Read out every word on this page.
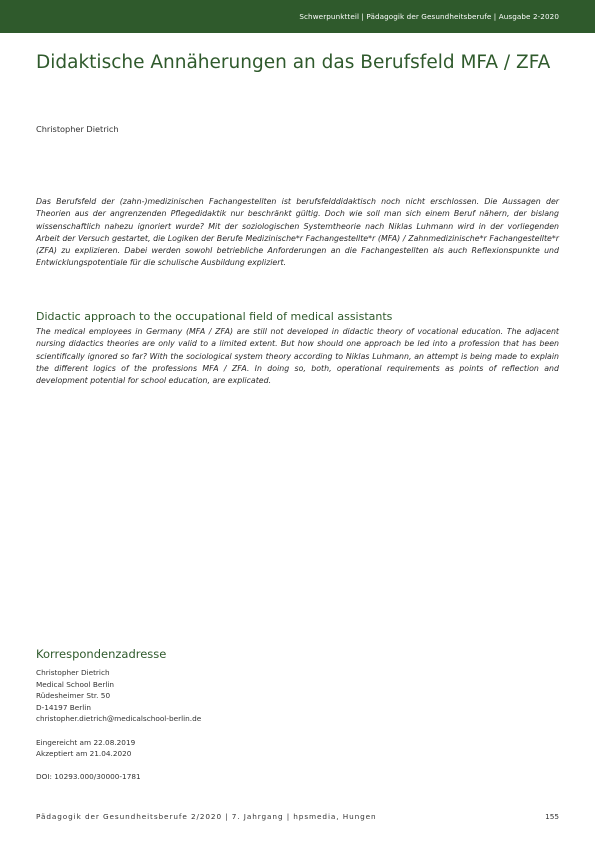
Schwerpunktteil | Pädagogik der Gesundheitsberufe | Ausgabe 2-2020
Didaktische Annäherungen an das Berufsfeld MFA / ZFA
Christopher Dietrich

Das Berufsfeld der (zahn-)medizinischen Fachangestellten ist berufsfelddidaktisch noch nicht erschlossen. Die Aussagen der Theorien aus der angrenzenden Pflegedidaktik nur beschränkt gültig. Doch wie soll man sich einem Beruf nähern, der bislang wissenschaftlich nahezu ignoriert wurde? Mit der soziologischen Systemtheorie nach Niklas Luhmann wird in der vorliegenden Arbeit der Versuch gestartet, die Logiken der Berufe Medizinische*r Fachangestellte*r (MFA) / Zahnmedizinische*r Fachangestellte*r (ZFA) zu explizieren. Dabei werden sowohl betriebliche Anforderungen an die Fachangestellten als auch Reflexionspunkte und Entwicklungspotentiale für die schulische Ausbildung expliziert.

Didactic approach to the occupational field of medical assistants

The medical employees in Germany (MFA / ZFA) are still not developed in didactic theory of vocational education. The adjacent nursing didactics theories are only valid to a limited extent. But how should one approach be led into a profession that has been scientifically ignored so far? With the sociological system theory according to Niklas Luhmann, an attempt is being made to explain the different logics of the professions MFA / ZFA. In doing so, both, operational requirements as points of reflection and development potential for school education, are explicated.

Korrespondenzadresse
Christopher Dietrich
Medical School Berlin
Rüdesheimer Str. 50
D-14197 Berlin
christopher.dietrich@medicalschool-berlin.de
Eingereicht am 22.08.2019
Akzeptiert am 21.04.2020
DOI: 10293.000/30000-1781
Pädagogik der Gesundheitsberufe 2/2020 | 7. Jahrgang | hpsmedia, Hungen	155
